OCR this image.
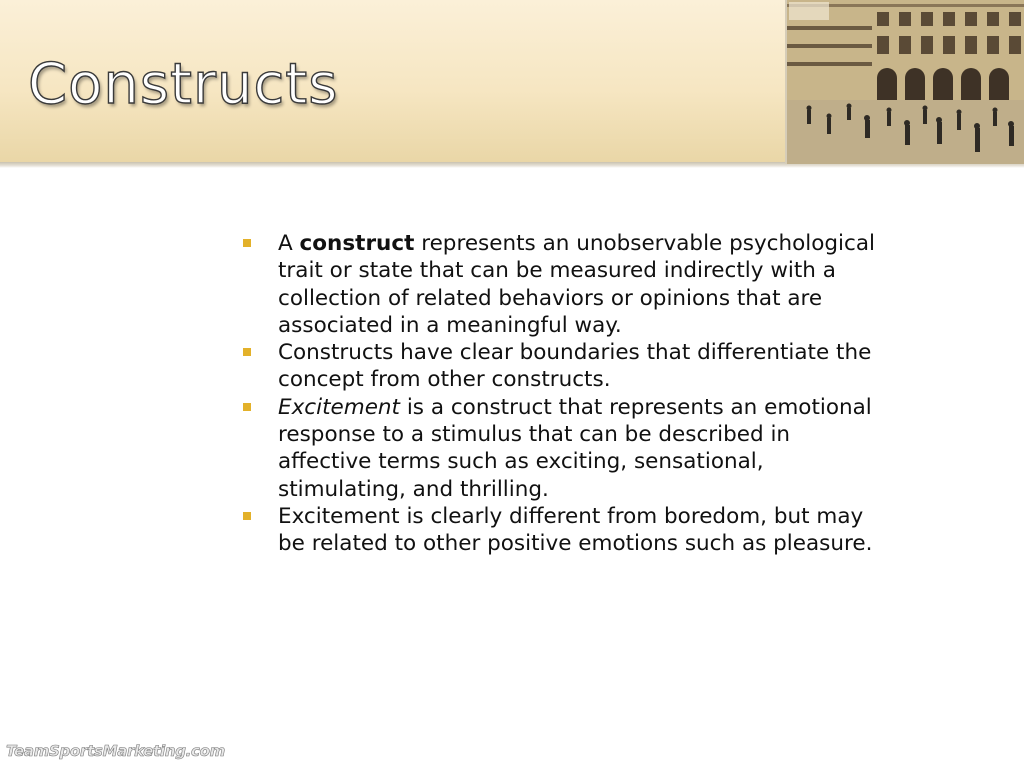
Constructs
A construct represents an unobservable psychological trait or state that can be measured indirectly with a collection of related behaviors or opinions that are associated in a meaningful way.
Constructs have clear boundaries that differentiate the concept from other constructs.
Excitement is a construct that represents an emotional response to a stimulus that can be described in affective terms such as exciting, sensational, stimulating, and thrilling.
Excitement is clearly different from boredom, but may be related to other positive emotions such as pleasure.
TeamSportsMarketing.com
